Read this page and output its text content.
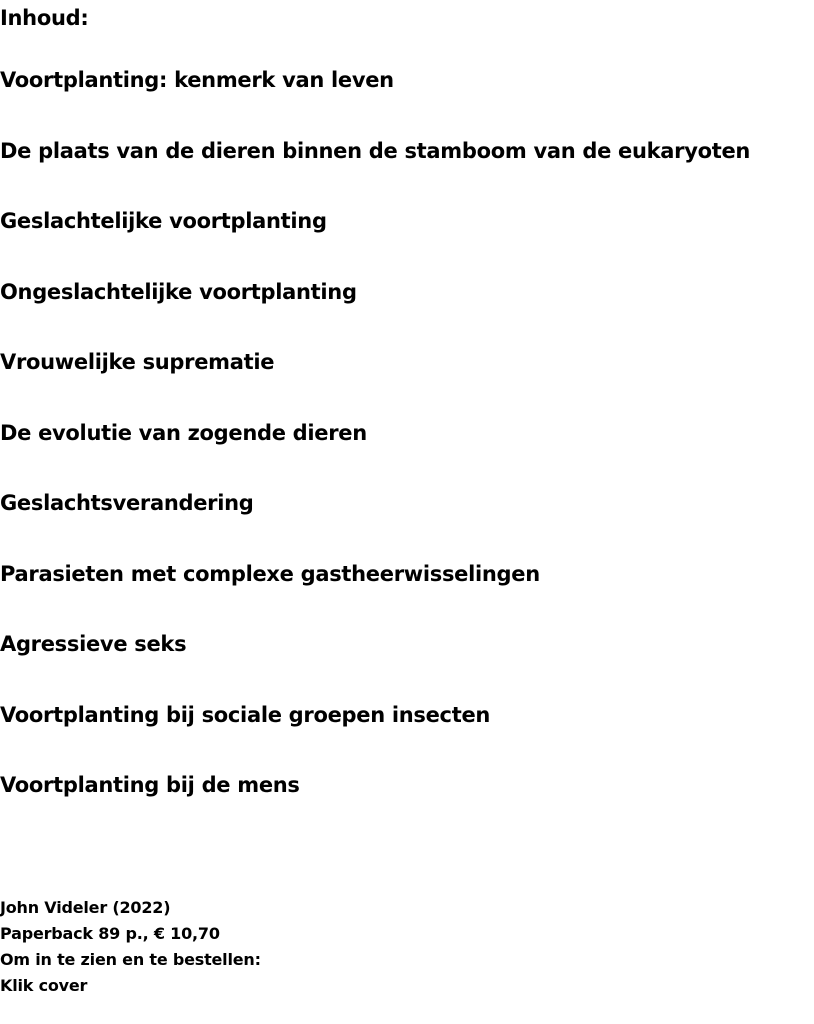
Inhoud:
Voortplanting: kenmerk van leven
De plaats van de dieren binnen de stamboom van de eukaryoten
Geslachtelijke voortplanting
Ongeslachtelijke voortplanting
Vrouwelijke suprematie
De evolutie van zogende dieren
Geslachtsverandering
Parasieten met complexe gastheerwisselingen
Agressieve seks
Voortplanting bij sociale groepen insecten
Voortplanting bij de mens
John Videler (2022)
Paperback 89 p., € 10,70
Om in te zien en te bestellen:
Klik cover
